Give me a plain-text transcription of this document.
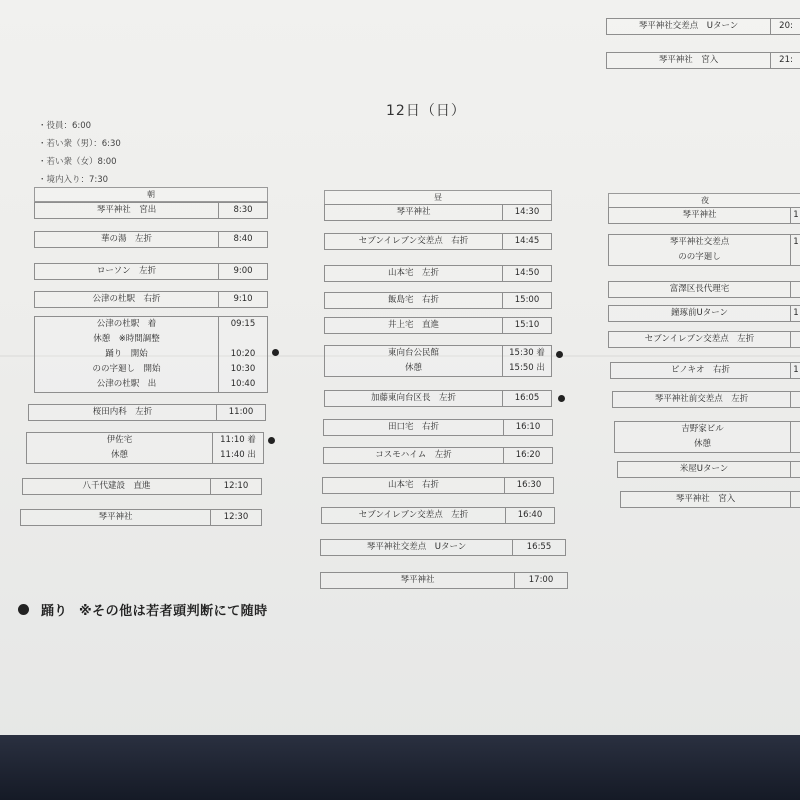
琴平神社交差点　Uターン	20:
琴平神社　宮入	21:
12日（日）
・役員：6:00
・若い衆（男）：6:30
・若い衆（女）8:00
・境内入り：7:30
朝
琴平神社　宮出	8:30
華の湯　左折	8:40
ローソン　左折	9:00
公津の杜駅　右折	9:10
公津の杜駅　着	09:15
休憩　※時間調整
踊り　開始	10:20
のの字廻し　開始	10:30
公津の杜駅　出	10:40
桜田内科　左折	11:00
伊佐宅	11:10 着
休憩	11:40 出
八千代建設　直進	12:10
琴平神社	12:30
昼
琴平神社	14:30
セブンイレブン交差点　右折	14:45
山本宅　左折	14:50
飯島宅　右折	15:00
井上宅　直進	15:10
東向台公民館	15:30 着
休憩	15:50 出
加藤東向台区長　左折	16:05
田口宅　右折	16:10
コスモハイム　左折	16:20
山本宅　右折	16:30
セブンイレブン交差点　左折	16:40
琴平神社交差点　Uターン	16:55
琴平神社	17:00
夜
琴平神社	1
琴平神社交差点	1
のの字廻し
富澤区長代理宅
鐘琢前Uターン	1
セブンイレブン交差点　左折
ピノキオ　右折	1
琴平神社前交差点　左折
吉野家ビル
休憩
米屋Uターン
琴平神社　宮入
踊り ※その他は若者頭判断にて随時
